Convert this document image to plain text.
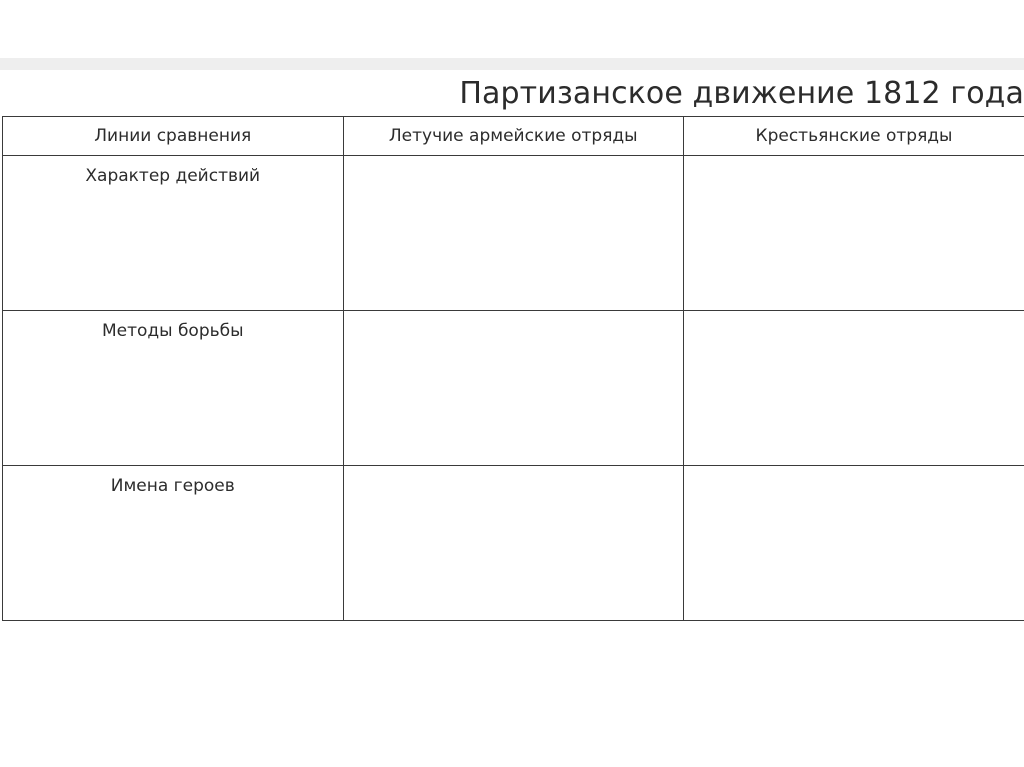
Партизанское движение 1812 года
Линии сравнения	Летучие армейские отряды	Крестьянские отряды
Характер действий		
Методы борьбы		
Имена героев		
